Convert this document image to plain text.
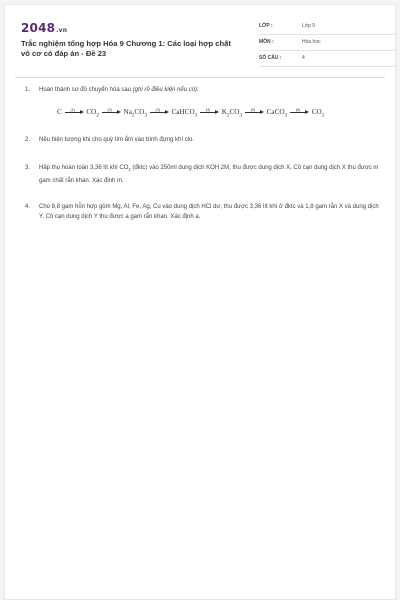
2048.vn
Trắc nghiệm tổng hợp Hóa 9 Chương 1: Các loại hợp chất vô cơ có đáp án - Đề 23
LỚP :	Lớp 9
MÔN :	Hóa học
SỐ CÂU :	4
1. Hoàn thành sơ đồ chuyển hóa sau (ghi rõ điều kiện nếu có):
C	(1)	$CO_2$
(2)	$Na_2CO_3$
(3)	CaHCO$_3$
(4)	$K_2CO_3$
(5)	CaCO$_3$
(6)	$CO_2$
2. Nêu hiện tượng khi cho quỳ tím ẩm vào bình đựng khí clo.
3. Hấp thụ hoàn toàn 3,36 lít khí $CO_2$ (đktc) vào 250ml dung dịch KOH 2M, thu được dung dịch X. Cô cạn dung dịch X thu được m gam chất rắn khan. Xác định m.
4. Cho 8,8 gam hỗn hợp gồm Mg, Al, Fe, Ag, Cu vào dung dịch HCl dư, thu được 3,36 lít khí ở đktc và 1,8 gam rắn X và dung dịch Y. Cô cạn dung dịch Y thu được a gam rắn khan. Xác định a.
